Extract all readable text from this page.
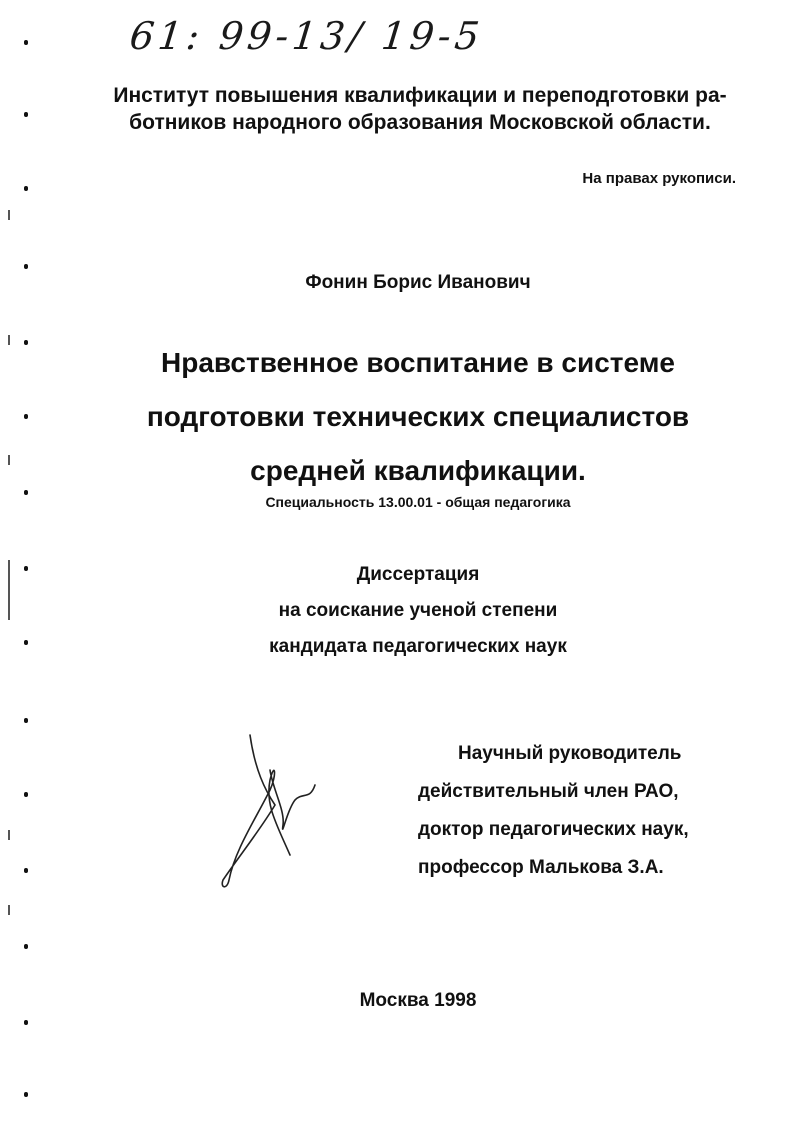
61: 99-13/ 19-5
Институт повышения квалификации и переподготовки ра-
ботников народного образования Московской области.
На правах рукописи.
Фонин Борис Иванович
Нравственное воспитание в системе
подготовки технических специалистов
средней квалификации.
Специальность 13.00.01 - общая педагогика
Диссертация
на соискание ученой степени
кандидата педагогических наук
Научный руководитель
действительный член РАО,
доктор педагогических наук,
профессор Малькова З.А.
Москва 1998
